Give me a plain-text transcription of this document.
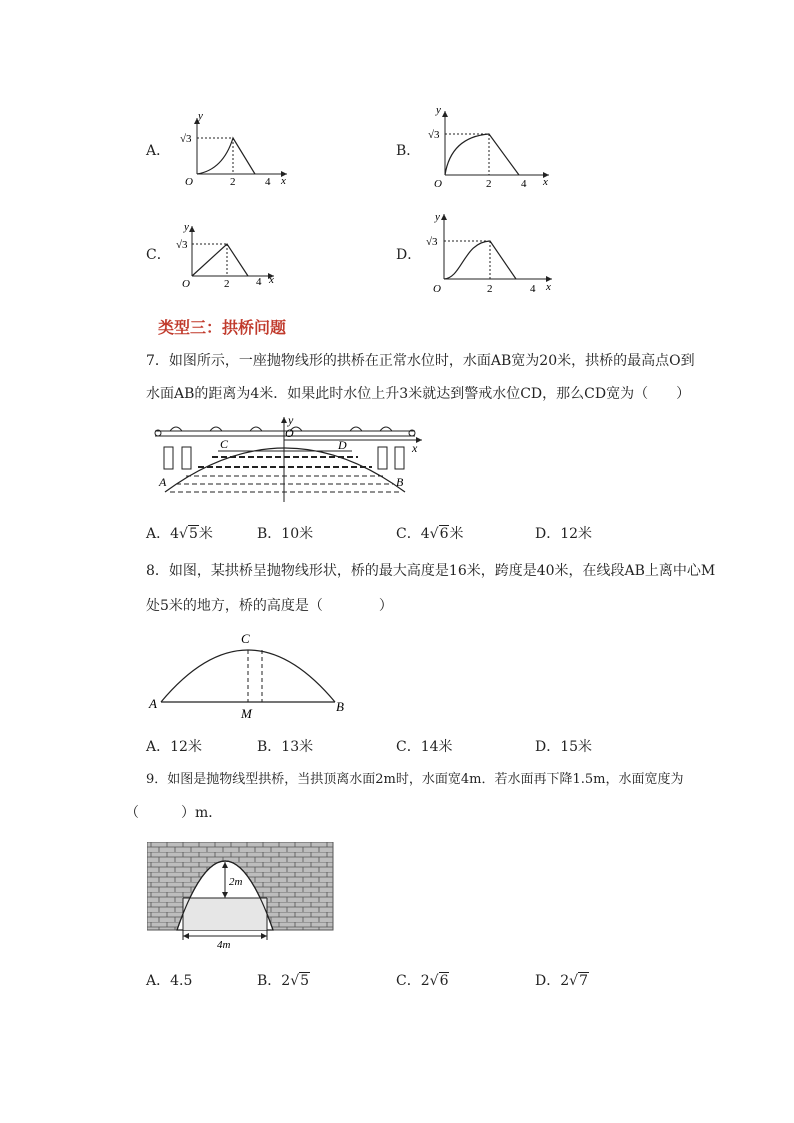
A．
y
√3
O	2	4 x
B．
y
√3
O	2	4 x
C．
y
√3
O	2 4 x
D．
y
√3
O	2	4 x
类型三：拱桥问题
7．如图所示，一座抛物线形的拱桥在正常水位时，水面AB宽为20米，拱桥的最高点O到
水面AB的距离为4米．如果此时水位上升3米就达到警戒水位CD，那么CD宽为（　　）
y
O
C	D
A	B
x
A．4√5米	B．10米	C．4√6米	D．12米
8．如图，某拱桥呈抛物线形状，桥的最大高度是16米，跨度是40米，在线段AB上离中心M
处5米的地方，桥的高度是（　　　　）
C
A
M	B
A．12米	B．13米	C．14米	D．15米
9．如图是抛物线型拱桥，当拱顶离水面2m时，水面宽4m．若水面再下降1.5m，水面宽度为
（　　　）m．
2m
4m
A．4.5	B．2√5	C．2√6	D．2√7
